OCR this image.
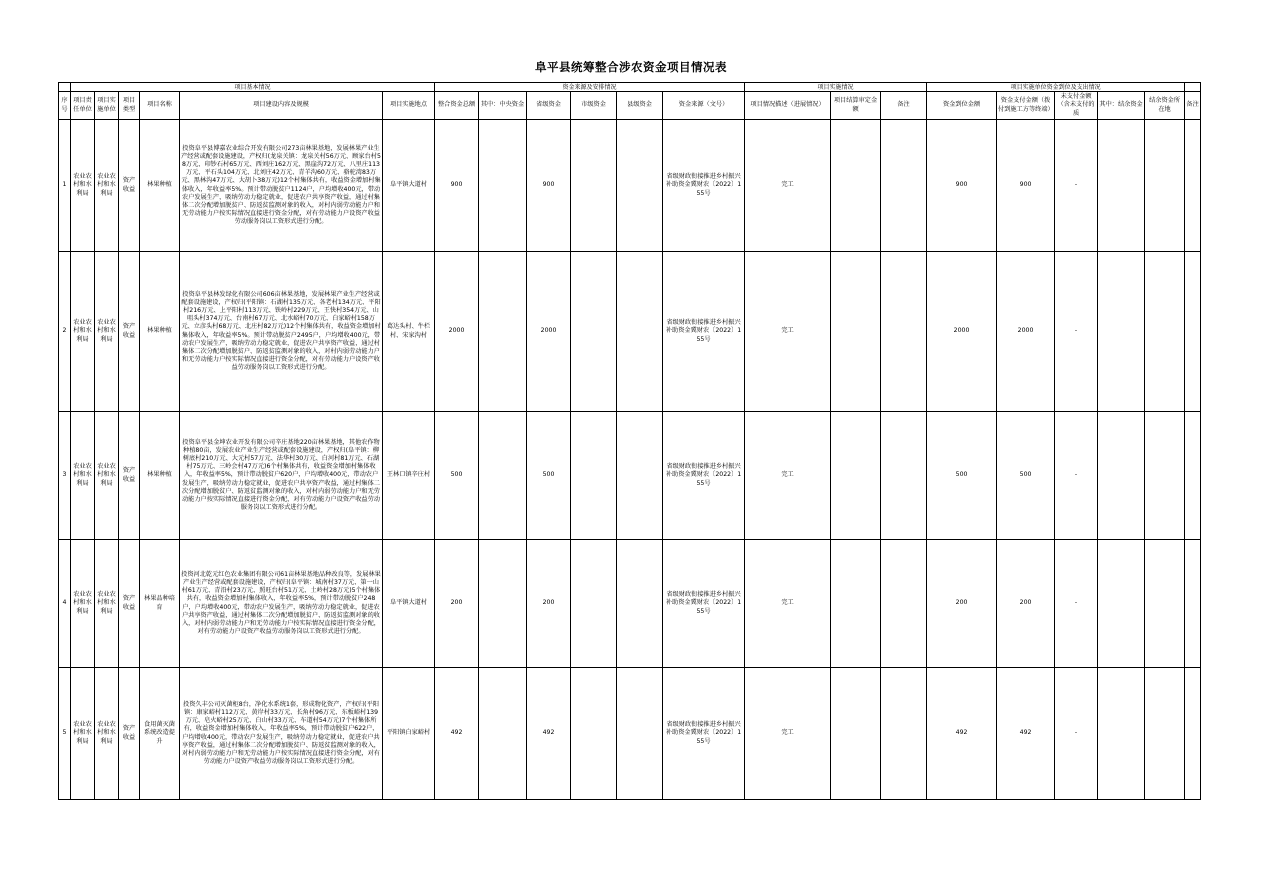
阜平县统筹整合涉农资金项目情况表
	项目基本情况						资金来源及安排情况						项目实施情况			项目实施单位资金到位及支出情况					
序号	项目责任单位	项目实施单位	项目类型	项目名称	项目建设内容及规模	项目实施地点	整合资金总额	其中：中央资金	省级资金	市级资金	县级资金	资金来源（文号）	项目情况描述（进展情况）	项目结算审定金额	备注	资金到位金额	资金支付金额（拨付到施工方等终端）	未支付金额（含未支付的质	其中：结余资金	结余资金所在地	备注
1	农业农村和水利局	农业农村和水利局	资产收益	林果种植	投资阜平县博嘉农业综合开发有限公司273亩林果基地，发展林果产业生产经营或配套设施建设，产权归(龙泉关镇：龙泉关村56万元、顾家台村58万元、印钞石村65万元、西刘庄162万元、黑崖沟72万元、八里庄113万元、平石头104万元、北刘庄42万元、青羊沟60万元、骆驼湾83万元、黑林沟47万元、大胡卜38万元)12个村集体共有，收益资金增加村集体收入，年收益率5%。预计带动脱贫户1124户，户均增收400元，带动农户发展生产，吸纳劳动力稳定就业，促进农户共享资产收益，通过村集体二次分配增加脱贫户、防返贫监测对象的收入，对村内弱劳动能力户和无劳动能力户按实际情况直接进行资金分配，对有劳动能力户设资产收益劳动服务岗以工资形式进行分配。	阜平镇大道村	900		900			省级财政衔接推进乡村振兴补助资金冀财农〔2022〕155号	完工			900	900	-			
2	农业农村和水利局	农业农村和水利局	资产收益	林果种植	投资阜平县林发绿化有限公司606亩林果基地，发展林果产业生产经营或配套设施建设，产权归(平阳镇：石湖村135万元、各老村134万元、平阳村216万元、上平阳村113万元、铁岭村229万元、王快村354万元、山咀头村374万元、台南村67万元、北水峪村70万元、白家峪村158万元、立彦头村68万元、北庄村82万元)12个村集体共有，收益资金增加村集体收入，年收益率5%。预计带动脱贫户2495户，户均增收400元，带动农户发展生产，吸纳劳动力稳定就业，促进农户共享资产收益，通过村集体二次分配增加脱贫户、防返贫监测对象的收入，对村内弱劳动能力户和无劳动能力户按实际情况直接进行资金分配，对有劳动能力户设资产收益劳动服务岗以工资形式进行分配。	葛达头村、牛栏村、宋家沟村	2000		2000			省级财政衔接推进乡村振兴补助资金冀财农〔2022〕155号	完工			2000	2000	-			
3	农业农村和水利局	农业农村和水利局	资产收益	林果种植	投资阜平县金坤农业开发有限公司辛庄基地220亩林果基地，其他农作物种植80亩，发展农业产业生产经营或配套设施建设，产权归(阜平镇：柳树底村210万元、大元村57万元、法华村30万元、白河村81万元、石湖村75万元、三岭会村47万元)6个村集体共有，收益资金增加村集体收入，年收益率5%，预计带动脱贫户620户，户均增收400元，带动农户发展生产，吸纳劳动力稳定就业，促进农户共享资产收益，通过村集体二次分配增加脱贫户、防返贫监测对象的收入，对村内弱劳动能力户和无劳动能力户按实际情况直接进行资金分配，对有劳动能力户设资产收益劳动服务岗以工资形式进行分配。	王林口镇辛庄村	500		500			省级财政衔接推进乡村振兴补助资金冀财农〔2022〕155号	完工			500	500	-			
4	农业农村和水利局	农业农村和水利局	资产收益	林果品种培育	投资河北乾元红色农业集团有限公司61亩林果基地品种改良等，发展林果产业生产经营或配套设施建设，产权归(阜平镇：城南村37万元、第一山村61万元、青沿村23万元、照旺台村51万元、土岭村28万元)5个村集体共有，收益资金增加村集体收入，年收益率5%，预计带动脱贫户248户，户均增收400元，带动农户发展生产，吸纳劳动力稳定就业，促进农户共享资产收益，通过村集体二次分配增加脱贫户、防返贫监测对象的收入，对村内弱劳动能力户和无劳动能力户按实际情况直接进行资金分配，对有劳动能力户设资产收益劳动服务岗以工资形式进行分配。	阜平镇大道村	200		200			省级财政衔接推进乡村振兴补助资金冀财农〔2022〕155号	完工			200	200	-			
5	农业农村和水利局	农业农村和水利局	资产收益	食用菌灭菌系统改造提升	投资久丰公司灭菌柜8台，净化水系统1套，形成物化资产，产权归(平阳镇：康家峪村112万元、黄岸村33万元、长角村96万元、东板峪村139万元、皂火峪村25万元、白山村33万元、车道村54万元)7个村集体所有，收益资金增加村集体收入，年收益率5%，预计带动脱贫户622户，户均增收400元，带动农户发展生产，吸纳劳动力稳定就业，促进农户共享资产收益，通过村集体二次分配增加脱贫户、防返贫监测对象的收入，对村内弱劳动能力户和无劳动能力户按实际情况直接进行资金分配，对有劳动能力户设资产收益劳动服务岗以工资形式进行分配。	平阳镇白家峪村	492		492			省级财政衔接推进乡村振兴补助资金冀财农〔2022〕155号	完工			492	492	-			
